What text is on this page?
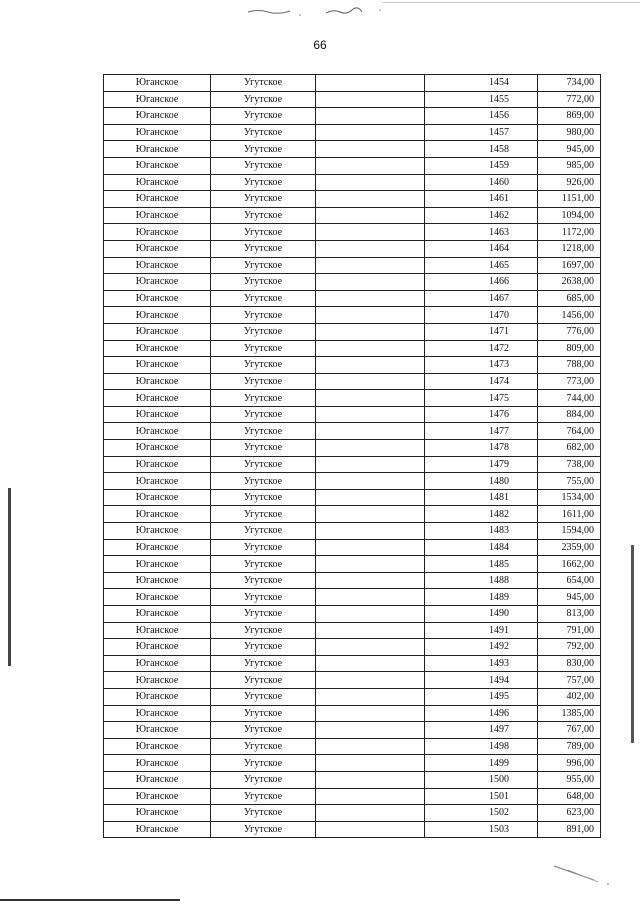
66
Юганское	Угутское		1454	734,00
Юганское	Угутское		1455	772,00
Юганское	Угутское		1456	869,00
Юганское	Угутское		1457	980,00
Юганское	Угутское		1458	945,00
Юганское	Угутское		1459	985,00
Юганское	Угутское		1460	926,00
Юганское	Угутское		1461	1151,00
Юганское	Угутское		1462	1094,00
Юганское	Угутское		1463	1172,00
Юганское	Угутское		1464	1218,00
Юганское	Угутское		1465	1697,00
Юганское	Угутское		1466	2638,00
Юганское	Угутское		1467	685,00
Юганское	Угутское		1470	1456,00
Юганское	Угутское		1471	776,00
Юганское	Угутское		1472	809,00
Юганское	Угутское		1473	788,00
Юганское	Угутское		1474	773,00
Юганское	Угутское		1475	744,00
Юганское	Угутское		1476	884,00
Юганское	Угутское		1477	764,00
Юганское	Угутское		1478	682,00
Юганское	Угутское		1479	738,00
Юганское	Угутское		1480	755,00
Юганское	Угутское		1481	1534,00
Юганское	Угутское		1482	1611,00
Юганское	Угутское		1483	1594,00
Юганское	Угутское		1484	2359,00
Юганское	Угутское		1485	1662,00
Юганское	Угутское		1488	654,00
Юганское	Угутское		1489	945,00
Юганское	Угутское		1490	813,00
Юганское	Угутское		1491	791,00
Юганское	Угутское		1492	792,00
Юганское	Угутское		1493	830,00
Юганское	Угутское		1494	757,00
Юганское	Угутское		1495	402,00
Юганское	Угутское		1496	1385,00
Юганское	Угутское		1497	767,00
Юганское	Угутское		1498	789,00
Юганское	Угутское		1499	996,00
Юганское	Угутское		1500	955,00
Юганское	Угутское		1501	648,00
Юганское	Угутское		1502	623,00
Юганское	Угутское		1503	891,00
